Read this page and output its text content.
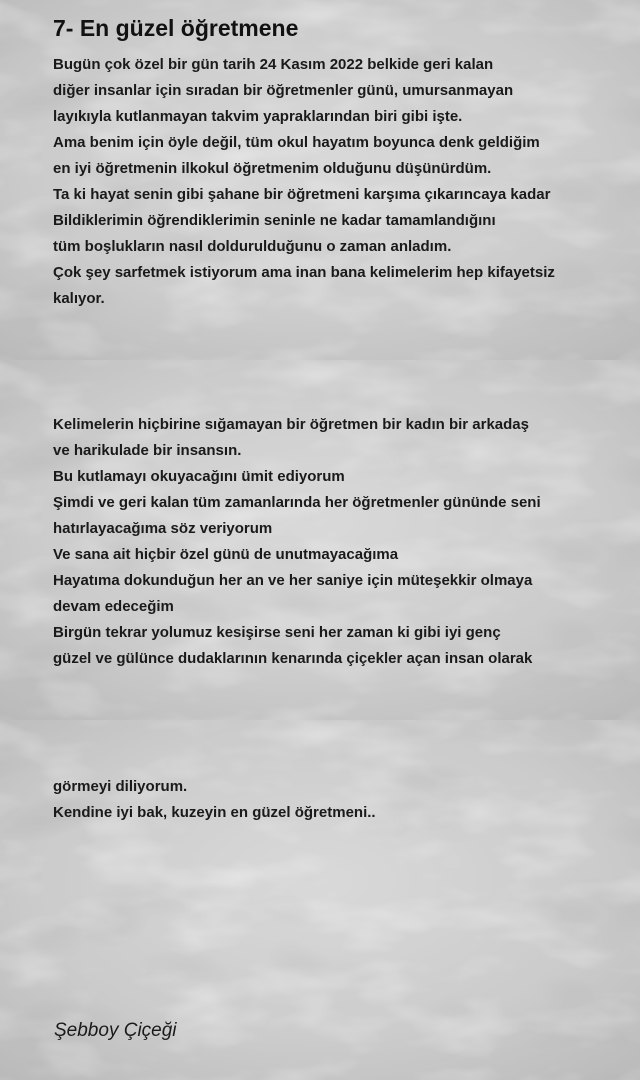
7- En güzel öğretmene
Bugün çok özel bir gün tarih 24 Kasım 2022 belkide geri kalan
diğer insanlar için sıradan bir öğretmenler günü, umursanmayan
layıkıyla kutlanmayan takvim yapraklarından biri gibi işte.
Ama benim için öyle değil, tüm okul hayatım boyunca denk geldiğim
en iyi öğretmenin ilkokul öğretmenim olduğunu düşünürdüm.
Ta ki hayat senin gibi şahane bir öğretmeni karşıma çıkarıncaya kadar
Bildiklerimin öğrendiklerimin seninle ne kadar tamamlandığını
tüm boşlukların nasıl doldurulduğunu o zaman anladım.
Çok şey sarfetmek istiyorum ama inan bana kelimelerim hep kifayetsiz
kalıyor.
Kelimelerin hiçbirine sığamayan bir öğretmen bir kadın bir arkadaş
ve harikulade bir insansın.
Bu kutlamayı okuyacağını ümit ediyorum
Şimdi ve geri kalan tüm zamanlarında her öğretmenler gününde seni
hatırlayacağıma söz veriyorum
Ve sana ait hiçbir özel günü de unutmayacağıma
Hayatıma dokunduğun her an ve her saniye için müteşekkir olmaya
devam edeceğim
Birgün tekrar yolumuz kesişirse seni her zaman ki gibi iyi genç
güzel ve gülünce dudaklarının kenarında çiçekler açan insan olarak
görmeyi diliyorum.
Kendine iyi bak, kuzeyin en güzel öğretmeni..
Şebboy Çiçeği
